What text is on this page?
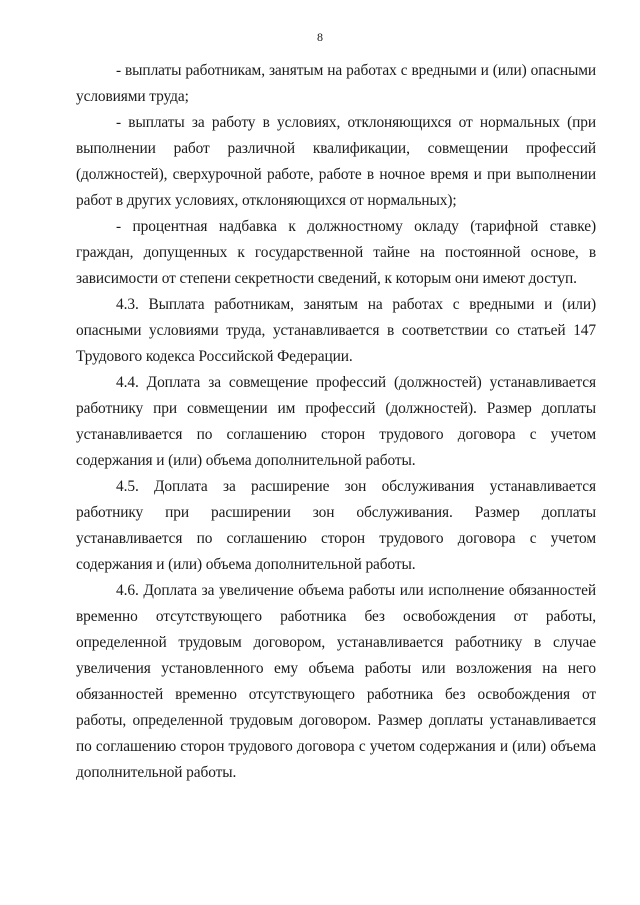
8

- выплаты работникам, занятым на работах с вредными и (или) опасными условиями труда;

- выплаты за работу в условиях, отклоняющихся от нормальных (при выполнении работ различной квалификации, совмещении профессий (должностей), сверхурочной работе, работе в ночное время и при выполнении работ в других условиях, отклоняющихся от нормальных);

- процентная надбавка к должностному окладу (тарифной ставке) граждан, допущенных к государственной тайне на постоянной основе, в зависимости от степени секретности сведений, к которым они имеют доступ.

4.3. Выплата работникам, занятым на работах с вредными и (или) опасными условиями труда, устанавливается в соответствии со статьей 147 Трудового кодекса Российской Федерации.

4.4. Доплата за совмещение профессий (должностей) устанавливается работнику при совмещении им профессий (должностей). Размер доплаты устанавливается по соглашению сторон трудового договора с учетом содержания и (или) объема дополнительной работы.

4.5. Доплата за расширение зон обслуживания устанавливается работнику при расширении зон обслуживания. Размер доплаты устанавливается по соглашению сторон трудового договора с учетом содержания и (или) объема дополнительной работы.

4.6. Доплата за увеличение объема работы или исполнение обязанностей временно отсутствующего работника без освобождения от работы, определенной трудовым договором, устанавливается работнику в случае увеличения установленного ему объема работы или возложения на него обязанностей временно отсутствующего работника без освобождения от работы, определенной трудовым договором. Размер доплаты устанавливается по соглашению сторон трудового договора с учетом содержания и (или) объема дополнительной работы.
